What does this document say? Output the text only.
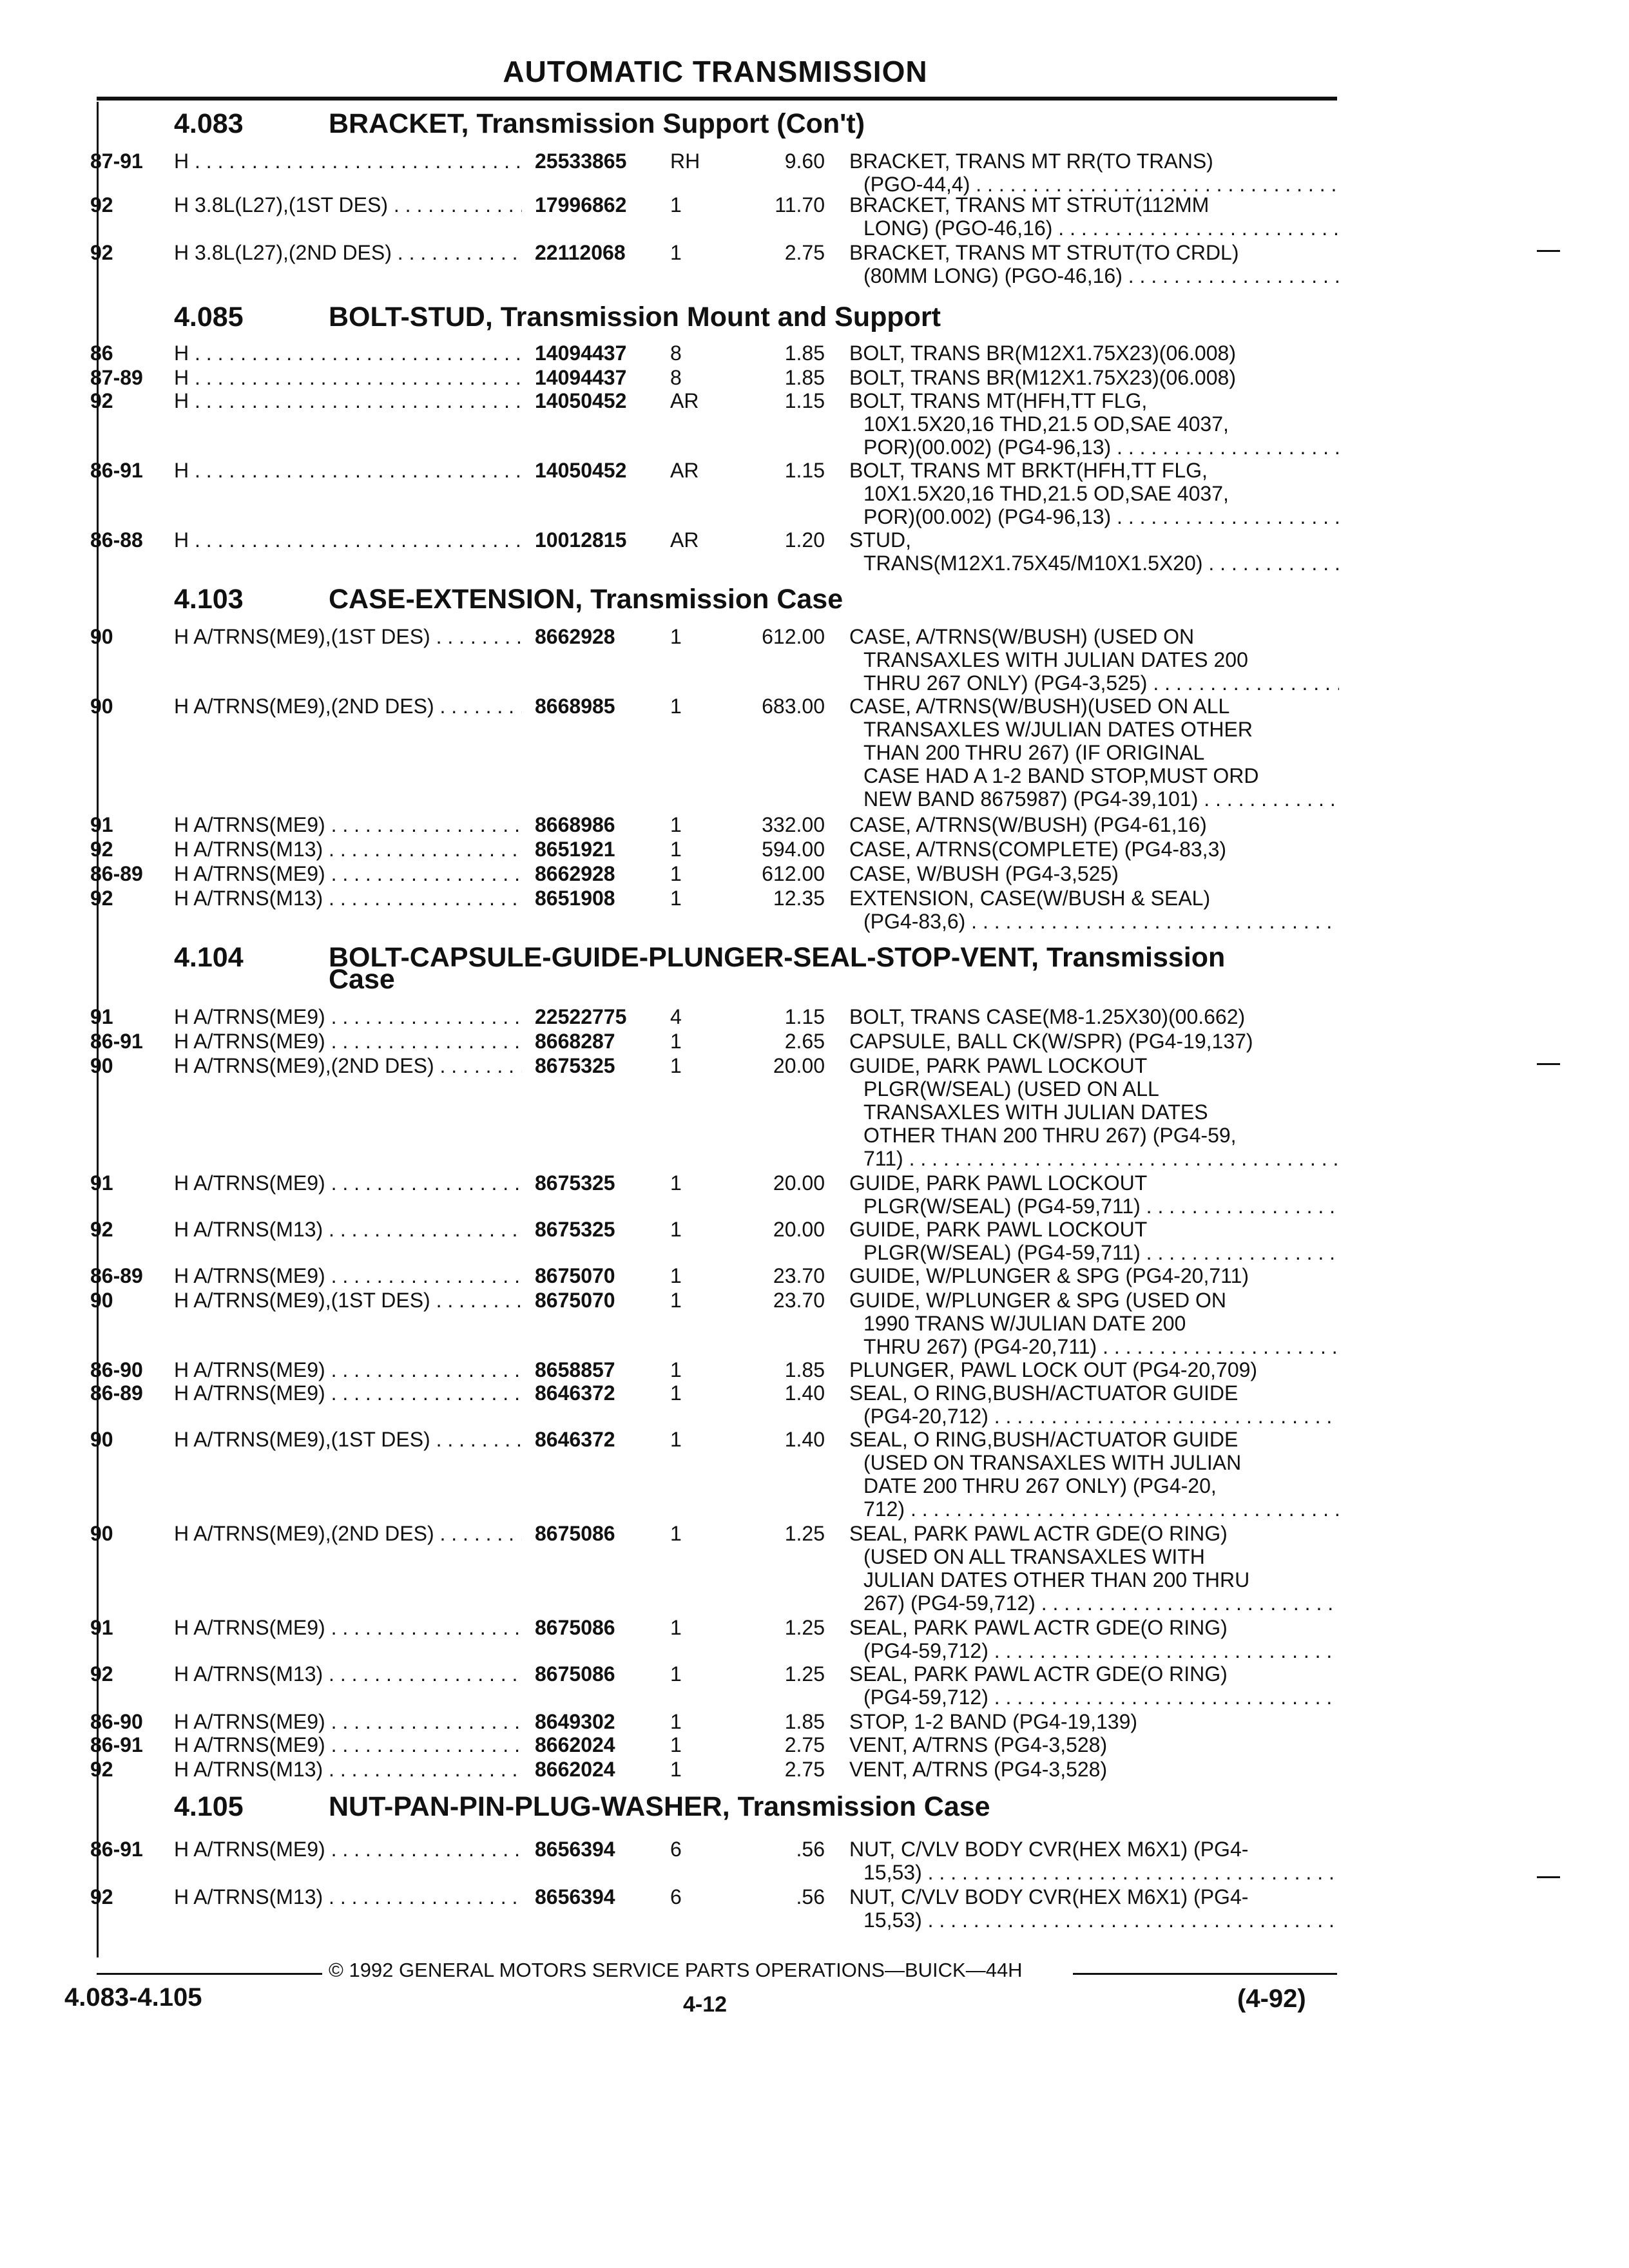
AUTOMATIC TRANSMISSION
4.083	BRACKET, Transmission Support (Con't)
87-91 H . . .	25533865 RH	9.60 BRACKET, TRANS MT RR(TO TRANS)
(PGO-44,4) . . .
92	H 3.8L(L27),(1ST DES) . . .	17996862 1	11.70 BRACKET, TRANS MT STRUT(112MM
LONG) (PGO-46,16) . . .
92	H 3.8L(L27),(2ND DES) . . .	22112068 1	2.75 BRACKET, TRANS MT STRUT(TO CRDL)
(80MM LONG) (PGO-46,16) . . .
4.085	BOLT-STUD, Transmission Mount and Support
86	H . . .	14094437 8	1.85 BOLT, TRANS BR(M12X1.75X23)(06.008)
87-89 H . . .	14094437 8	1.85 BOLT, TRANS BR(M12X1.75X23)(06.008)
92	H . . .	14050452 AR	1.15 BOLT, TRANS MT(HFH,TT FLG,
10X1.5X20,16 THD,21.5 OD,SAE 4037,
POR)(00.002) (PG4-96,13) . . .
86-91 H . . .	14050452 AR	1.15 BOLT, TRANS MT BRKT(HFH,TT FLG,
10X1.5X20,16 THD,21.5 OD,SAE 4037,
POR)(00.002) (PG4-96,13) . . .
86-88 H . . .	10012815 AR	1.20 STUD,
TRANS(M12X1.75X45/M10X1.5X20) . . .
4.103	CASE-EXTENSION, Transmission Case
90	H A/TRNS(ME9),(1ST DES) . . .	8662928	1	612.00 CASE, A/TRNS(W/BUSH) (USED ON
TRANSAXLES WITH JULIAN DATES 200
THRU 267 ONLY) (PG4-3,525) . . .
90	H A/TRNS(ME9),(2ND DES) . . .	8668985	1	683.00 CASE, A/TRNS(W/BUSH)(USED ON ALL
TRANSAXLES W/JULIAN DATES OTHER
THAN 200 THRU 267) (IF ORIGINAL
CASE HAD A 1-2 BAND STOP,MUST ORD
NEW BAND 8675987) (PG4-39,101) . . .
91	H A/TRNS(ME9) . . .	8668986	1	332.00 CASE, A/TRNS(W/BUSH) (PG4-61,16)
92	H A/TRNS(M13) . . .	8651921	1	594.00 CASE, A/TRNS(COMPLETE) (PG4-83,3)
86-89 H A/TRNS(ME9) . . .	8662928	1	612.00 CASE, W/BUSH (PG4-3,525)
92	H A/TRNS(M13) . . .	8651908	1	12.35 EXTENSION, CASE(W/BUSH & SEAL)
(PG4-83,6) . . .
4.104	BOLT-CAPSULE-GUIDE-PLUNGER-SEAL-STOP-VENT, Transmission
Case
91	H A/TRNS(ME9) . . .	22522775 4	1.15 BOLT, TRANS CASE(M8-1.25X30)(00.662)
86-91 H A/TRNS(ME9) . . .	8668287	1	2.65 CAPSULE, BALL CK(W/SPR) (PG4-19,137)
90	H A/TRNS(ME9),(2ND DES) . . .	8675325	1	20.00 GUIDE, PARK PAWL LOCKOUT
PLGR(W/SEAL) (USED ON ALL
TRANSAXLES WITH JULIAN DATES
OTHER THAN 200 THRU 267) (PG4-59,
711) . . .
91	H A/TRNS(ME9) . . .	8675325	1	20.00 GUIDE, PARK PAWL LOCKOUT
PLGR(W/SEAL) (PG4-59,711) . . .
92	H A/TRNS(M13) . . .	8675325	1	20.00 GUIDE, PARK PAWL LOCKOUT
PLGR(W/SEAL) (PG4-59,711) . . .
86-89 H A/TRNS(ME9) . . .	8675070	1	23.70 GUIDE, W/PLUNGER & SPG (PG4-20,711)
90	H A/TRNS(ME9),(1ST DES) . . .	8675070	1	23.70 GUIDE, W/PLUNGER & SPG (USED ON
1990 TRANS W/JULIAN DATE 200
THRU 267) (PG4-20,711) . . .
86-90 H A/TRNS(ME9) . . .	8658857	1	1.85 PLUNGER, PAWL LOCK OUT (PG4-20,709)
86-89 H A/TRNS(ME9) . . .	8646372	1	1.40 SEAL, O RING,BUSH/ACTUATOR GUIDE
(PG4-20,712) . . .
90	H A/TRNS(ME9),(1ST DES) . . .	8646372	1	1.40 SEAL, O RING,BUSH/ACTUATOR GUIDE
(USED ON TRANSAXLES WITH JULIAN
DATE 200 THRU 267 ONLY) (PG4-20,
712) . . .
90	H A/TRNS(ME9),(2ND DES) . . .	8675086	1	1.25 SEAL, PARK PAWL ACTR GDE(O RING)
(USED ON ALL TRANSAXLES WITH
JULIAN DATES OTHER THAN 200 THRU
267) (PG4-59,712) . . .
91	H A/TRNS(ME9) . . .	8675086	1	1.25 SEAL, PARK PAWL ACTR GDE(O RING)
(PG4-59,712) . . .
92	H A/TRNS(M13) . . .	8675086	1	1.25 SEAL, PARK PAWL ACTR GDE(O RING)
(PG4-59,712) . . .
86-90 H A/TRNS(ME9) . . .	8649302	1	1.85 STOP, 1-2 BAND (PG4-19,139)
86-91 H A/TRNS(ME9) . . .	8662024	1	2.75 VENT, A/TRNS (PG4-3,528)
92	H A/TRNS(M13) . . .	8662024	1	2.75 VENT, A/TRNS (PG4-3,528)
4.105	NUT-PAN-PIN-PLUG-WASHER, Transmission Case
86-91 H A/TRNS(ME9) . . .	8656394	6	.56 NUT, C/VLV BODY CVR(HEX M6X1) (PG4-
15,53) . . .
92	H A/TRNS(M13) . . .	8656394	6	.56 NUT, C/VLV BODY CVR(HEX M6X1) (PG4-
15,53) . . .
© 1992 GENERAL MOTORS SERVICE PARTS OPERATIONS—BUICK—44H
4.083-4.105	4-12	(4-92)
